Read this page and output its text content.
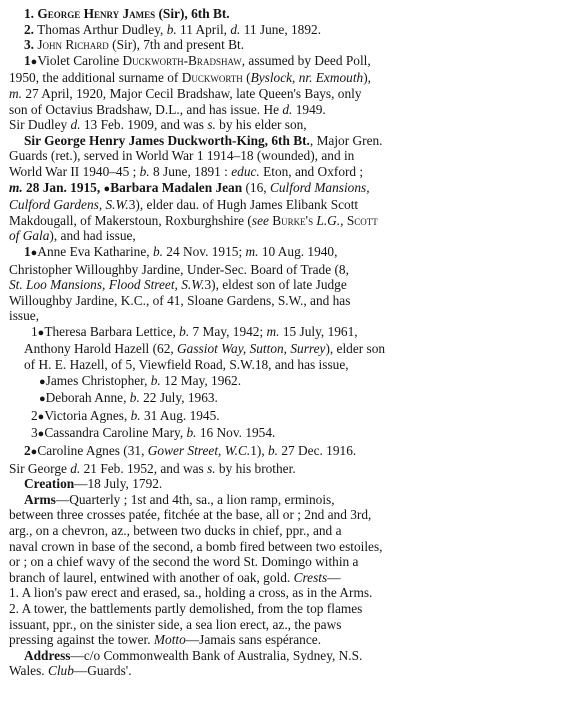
1. George Henry James (Sir), 6th Bt.
2. Thomas Arthur Dudley, b. 11 April, d. 11 June, 1892.
3. John Richard (Sir), 7th and present Bt.
1●Violet Caroline Duckworth-Bradshaw, assumed by Deed Poll,
1950, the additional surname of Duckworth (Byslock, nr. Exmouth),
m. 27 April, 1920, Major Cecil Bradshaw, late Queen's Bays, only
son of Octavius Bradshaw, D.L., and has issue. He d. 1949.
Sir Dudley d. 13 Feb. 1909, and was s. by his elder son,
Sir George Henry James Duckworth-King, 6th Bt., Major Gren.
Guards (ret.), served in World War 1 1914–18 (wounded), and in
World War II 1940–45 ; b. 8 June, 1891 : educ. Eton, and Oxford ;
m. 28 Jan. 1915, ●Barbara Madalen Jean (16, Culford Mansions,
Culford Gardens, S.W.3), elder dau. of Hugh James Elibank Scott
Makdougall, of Makerstoun, Roxburghshire (see Burke's L.G., Scott
of Gala), and had issue,
1●Anne Eva Katharine, b. 24 Nov. 1915; m. 10 Aug. 1940,
Christopher Willoughby Jardine, Under-Sec. Board of Trade (8,
St. Loo Mansions, Flood Street, S.W.3), eldest son of late Judge
Willoughby Jardine, K.C., of 41, Sloane Gardens, S.W., and has
issue,
1●Theresa Barbara Lettice, b. 7 May, 1942; m. 15 July, 1961,
Anthony Harold Hazell (62, Gassiot Way, Sutton, Surrey), elder son
of H. E. Hazell, of 5, Viewfield Road, S.W.18, and has issue,
●James Christopher, b. 12 May, 1962.
●Deborah Anne, b. 22 July, 1963.
2●Victoria Agnes, b. 31 Aug. 1945.
3●Cassandra Caroline Mary, b. 16 Nov. 1954.
2●Caroline Agnes (31, Gower Street, W.C.1), b. 27 Dec. 1916.
Sir George d. 21 Feb. 1952, and was s. by his brother.
Creation—18 July, 1792.
Arms—Quarterly ; 1st and 4th, sa., a lion ramp, erminois,
between three crosses patée, fitchée at the base, all or ; 2nd and 3rd,
arg., on a chevron, az., between two ducks in chief, ppr., and a
naval crown in base of the second, a bomb fired between two estoiles,
or ; on a chief wavy of the second the word St. Domingo within a
branch of laurel, entwined with another of oak, gold. Crests—
1. A lion's paw erect and erased, sa., holding a cross, as in the Arms.
2. A tower, the battlements partly demolished, from the top flames
issuant, ppr., on the sinister side, a sea lion erect, az., the paws
pressing against the tower. Motto—Jamais sans espérance.
Address—c/o Commonwealth Bank of Australia, Sydney, N.S.
Wales. Club—Guards'.
